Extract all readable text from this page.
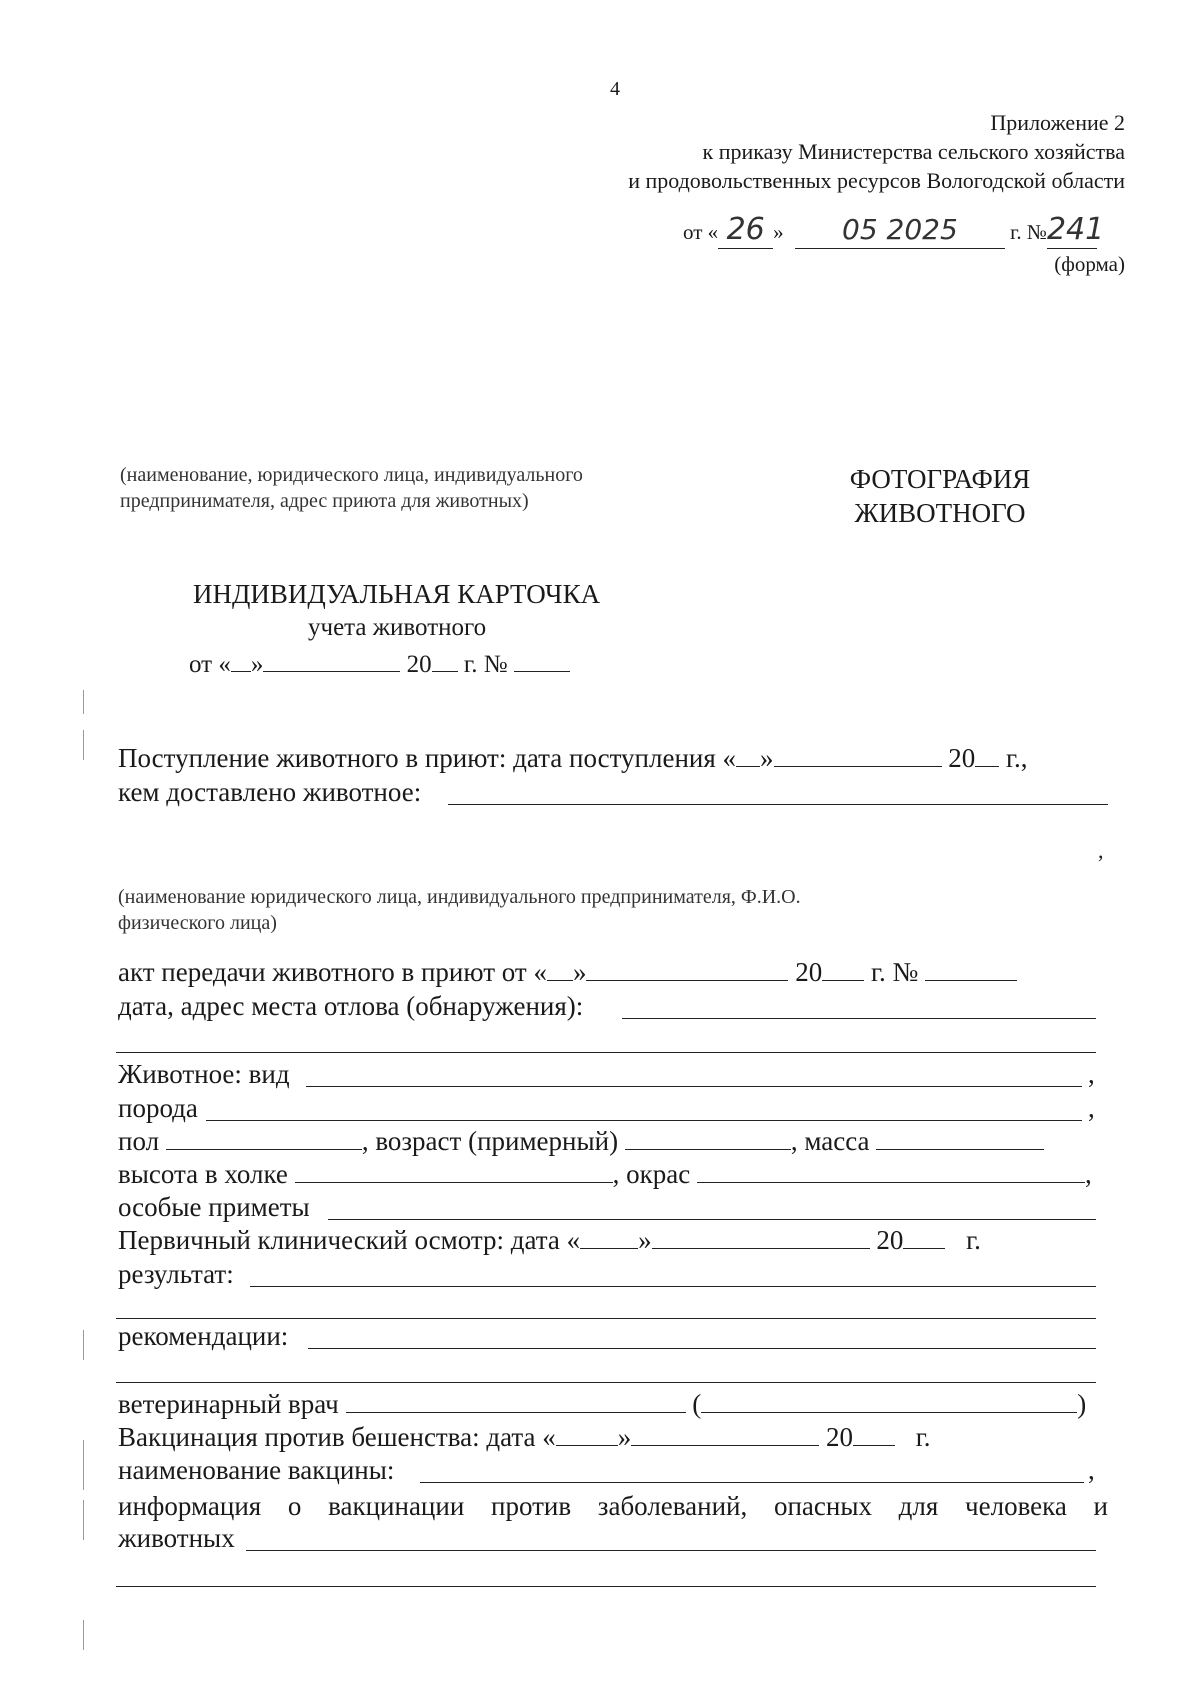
4
Приложение 2
к приказу Министерства сельского хозяйства
и продовольственных ресурсов Вологодской области
от « 26 » 05 2025 г. №241
(форма)
(наименование, юридического лица, индивидуального
предпринимателя, адрес приюта для животных)
ФОТОГРАФИЯ
ЖИВОТНОГО
ИНДИВИДУАЛЬНАЯ КАРТОЧКА
учета животного
от « »	20 г. №
Поступление животного в приют: дата поступления « »	20 г.,
кем доставлено животное:
,
(наименование юридического лица, индивидуального предпринимателя, Ф.И.О.
физического лица)
акт передачи животного в приют от « »	20 г. №
дата, адрес места отлова (обнаружения):
Животное: вид	,
порода	,
пол	, возраст (примерный)	, масса
высота в холке	, окрас	,
особые приметы
Первичный клинический осмотр: дата « »	20 г.
результат:
рекомендации:
ветеринарный врач	(	)
Вакцинация против бешенства: дата « »	20 г.
наименование вакцины:	,
информация о вакцинации против заболеваний, опасных для человека и
животных
